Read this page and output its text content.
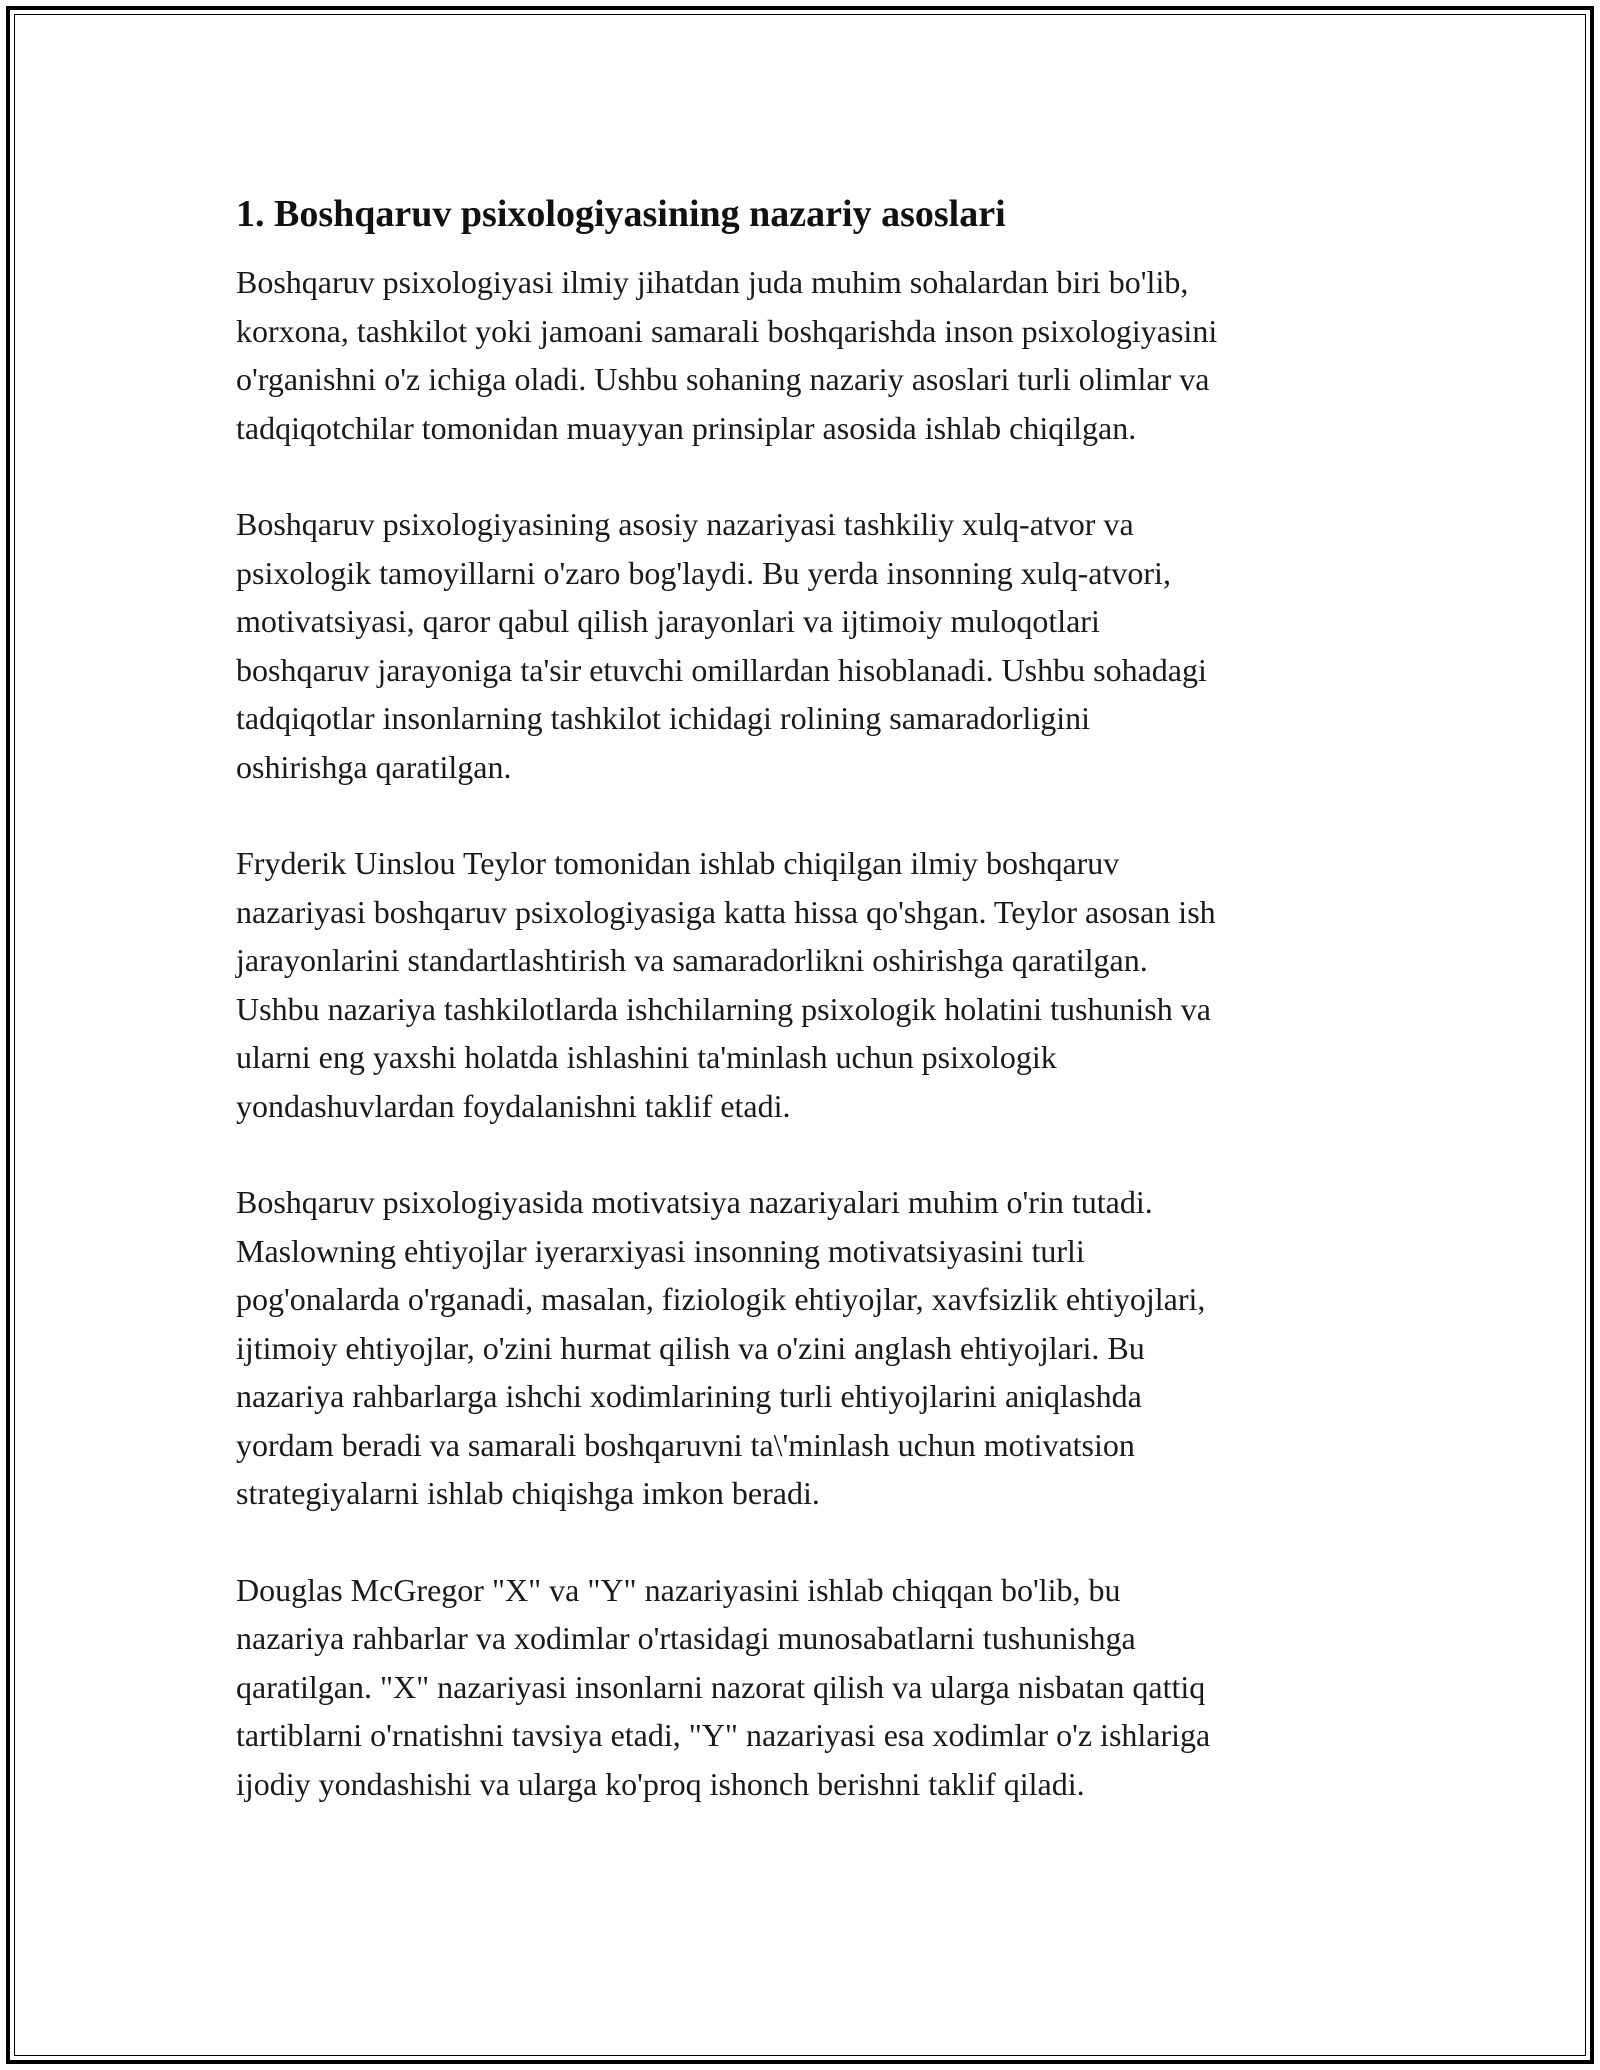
1. Boshqaruv psixologiyasining nazariy asoslari

Boshqaruv psixologiyasi ilmiy jihatdan juda muhim sohalardan biri bo'lib,
korxona, tashkilot yoki jamoani samarali boshqarishda inson psixologiyasini
o'rganishni o'z ichiga oladi. Ushbu sohaning nazariy asoslari turli olimlar va
tadqiqotchilar tomonidan muayyan prinsiplar asosida ishlab chiqilgan.

Boshqaruv psixologiyasining asosiy nazariyasi tashkiliy xulq-atvor va
psixologik tamoyillarni o'zaro bog'laydi. Bu yerda insonning xulq-atvori,
motivatsiyasi, qaror qabul qilish jarayonlari va ijtimoiy muloqotlari
boshqaruv jarayoniga ta'sir etuvchi omillardan hisoblanadi. Ushbu sohadagi
tadqiqotlar insonlarning tashkilot ichidagi rolining samaradorligini
oshirishga qaratilgan.

Fryderik Uinslou Teylor tomonidan ishlab chiqilgan ilmiy boshqaruv
nazariyasi boshqaruv psixologiyasiga katta hissa qo'shgan. Teylor asosan ish
jarayonlarini standartlashtirish va samaradorlikni oshirishga qaratilgan.
Ushbu nazariya tashkilotlarda ishchilarning psixologik holatini tushunish va
ularni eng yaxshi holatda ishlashini ta'minlash uchun psixologik
yondashuvlardan foydalanishni taklif etadi.

Boshqaruv psixologiyasida motivatsiya nazariyalari muhim o'rin tutadi.
Maslowning ehtiyojlar iyerarxiyasi insonning motivatsiyasini turli
pog'onalarda o'rganadi, masalan, fiziologik ehtiyojlar, xavfsizlik ehtiyojlari,
ijtimoiy ehtiyojlar, o'zini hurmat qilish va o'zini anglash ehtiyojlari. Bu
nazariya rahbarlarga ishchi xodimlarining turli ehtiyojlarini aniqlashda
yordam beradi va samarali boshqaruvni ta\'minlash uchun motivatsion
strategiyalarni ishlab chiqishga imkon beradi.

Douglas McGregor "X" va "Y" nazariyasini ishlab chiqqan bo'lib, bu
nazariya rahbarlar va xodimlar o'rtasidagi munosabatlarni tushunishga
qaratilgan. "X" nazariyasi insonlarni nazorat qilish va ularga nisbatan qattiq
tartiblarni o'rnatishni tavsiya etadi, "Y" nazariyasi esa xodimlar o'z ishlariga
ijodiy yondashishi va ularga ko'proq ishonch berishni taklif qiladi.
